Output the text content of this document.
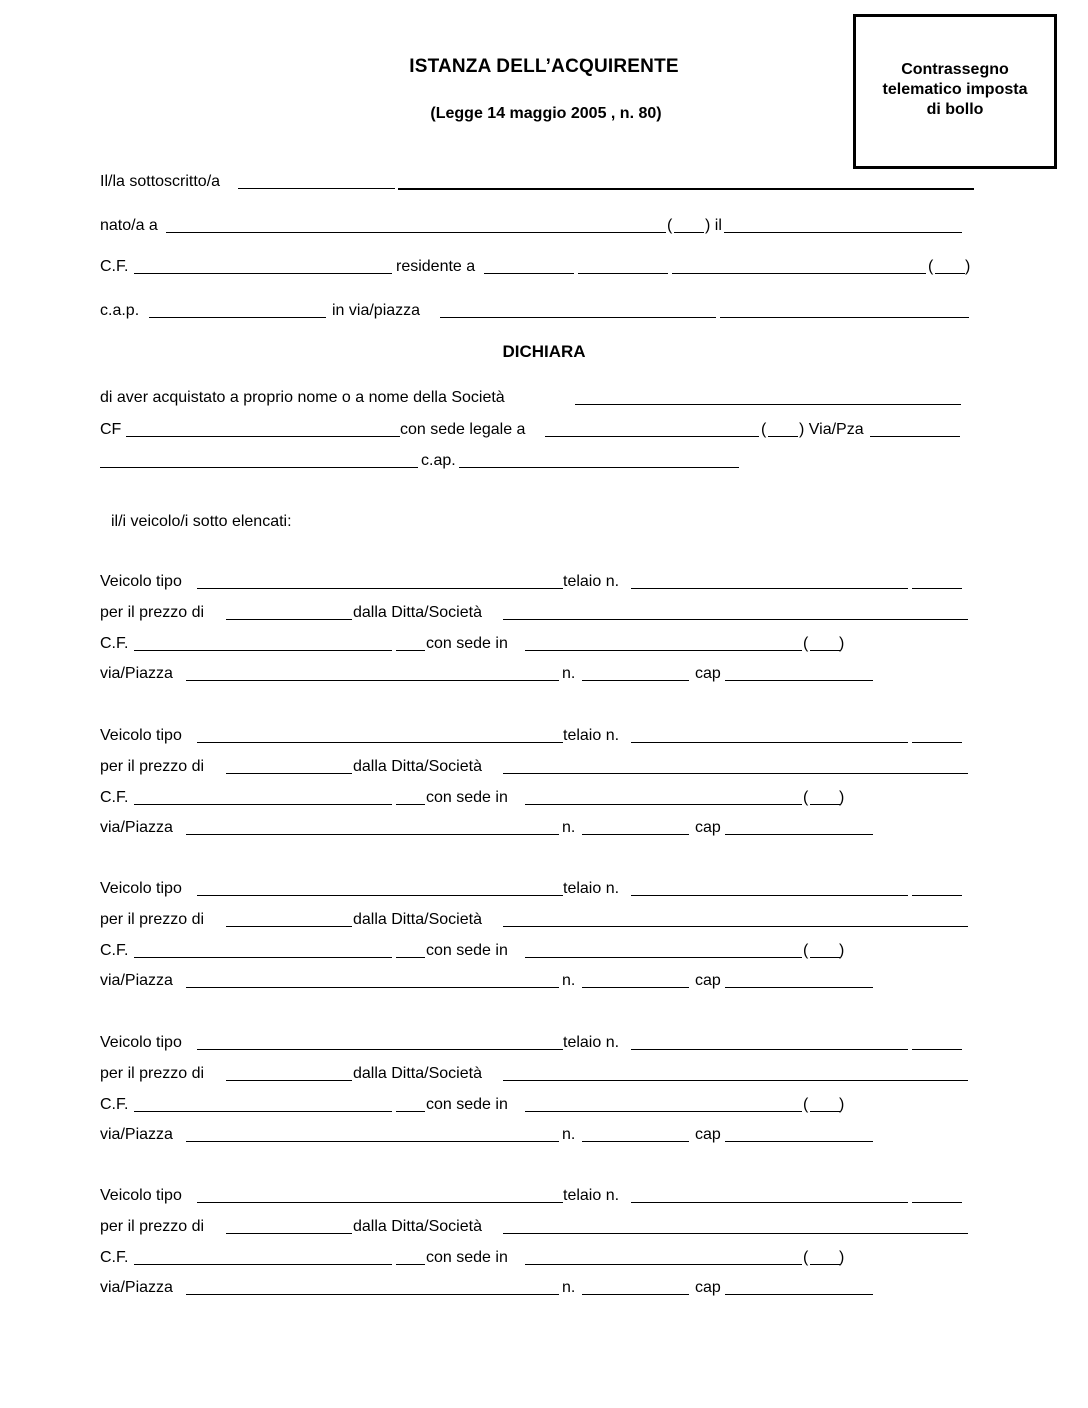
Contrassegno
telematico imposta
di bollo
ISTANZA DELL’ACQUIRENTE
(Legge 14 maggio 2005 , n. 80)
Il/la sottoscritto/a
nato/a a	( ) il
C.F.	residente a	( )
c.a.p.	in via/piazza
DICHIARA
di aver acquistato a proprio nome o a nome della Società
CF	con sede legale a	( ) Via/Pza
c.ap.
il/i veicolo/i sotto elencati:
Veicolo tipo	telaio n.
per il prezzo di	dalla Ditta/Società
C.F.	con sede in	( )
via/Piazza	n.	cap
Veicolo tipo	telaio n.
per il prezzo di	dalla Ditta/Società
C.F.	con sede in	( )
via/Piazza	n.	cap
Veicolo tipo	telaio n.
per il prezzo di	dalla Ditta/Società
C.F.	con sede in	( )
via/Piazza	n.	cap
Veicolo tipo	telaio n.
per il prezzo di	dalla Ditta/Società
C.F.	con sede in	( )
via/Piazza	n.	cap
Veicolo tipo	telaio n.
per il prezzo di	dalla Ditta/Società
C.F.	con sede in	( )
via/Piazza	n.	cap
